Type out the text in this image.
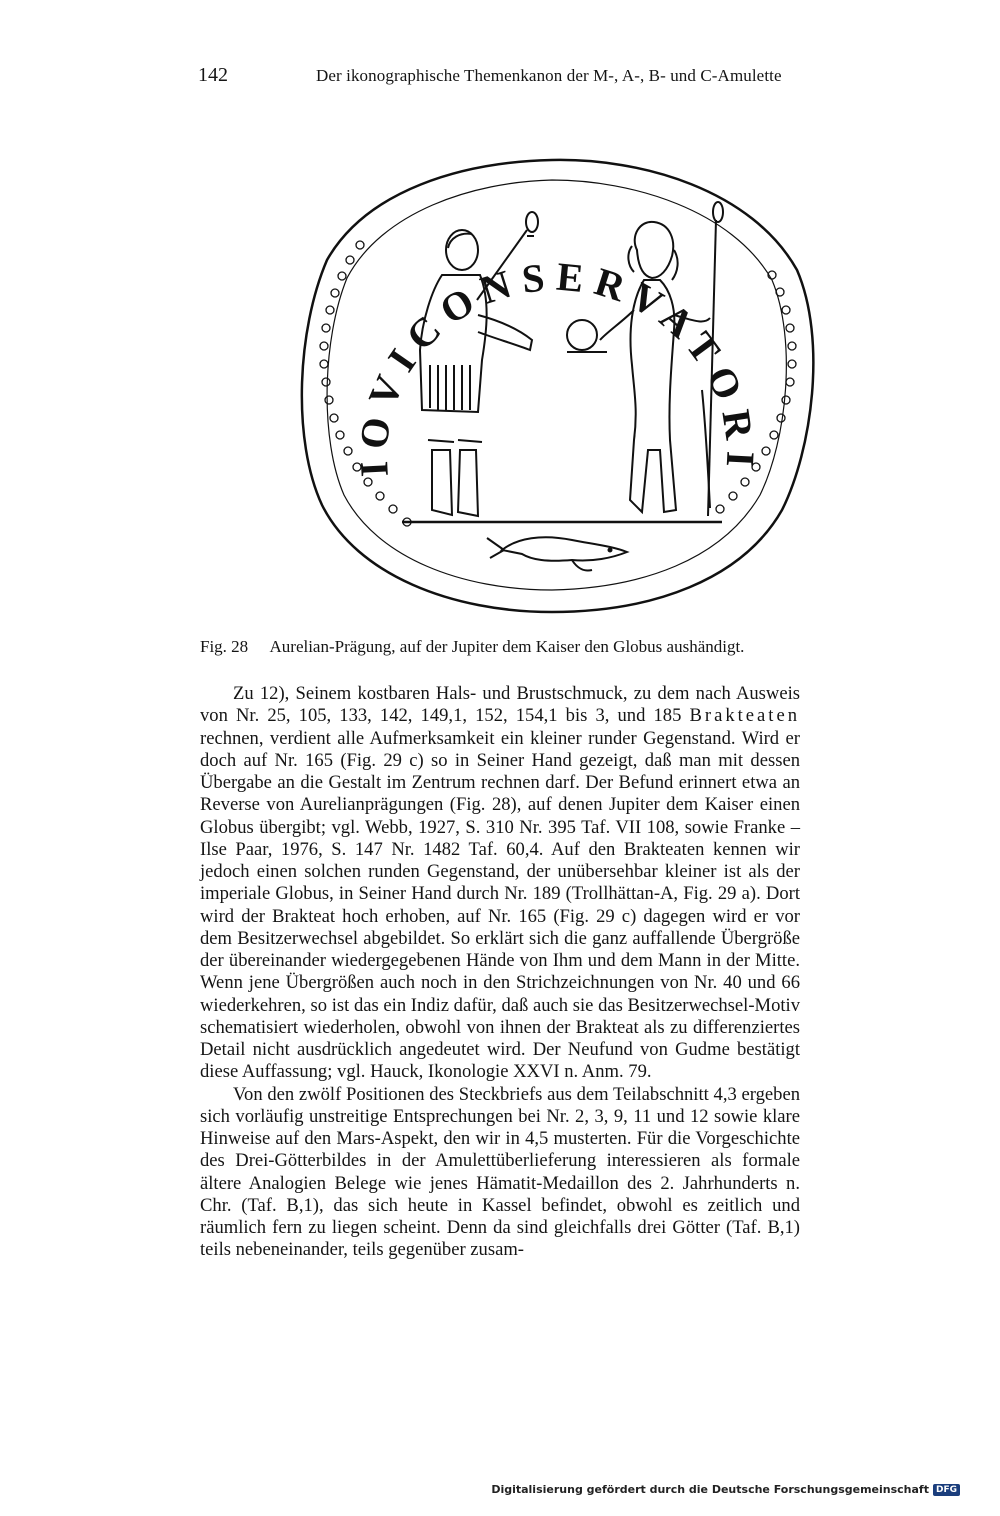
142	Der ikonographische Themenkanon der M-, A-, B- und C-Amulette
IOVICONSERVATORI
Fig. 28 Aurelian-Prägung, auf der Jupiter dem Kaiser den Globus aushändigt.

Zu 12), Seinem kostbaren Hals- und Brustschmuck, zu dem nach Ausweis von Nr. 25, 105, 133, 142, 149,1, 152, 154,1 bis 3, und 185 Brakteaten rechnen, verdient alle Aufmerksamkeit ein kleiner runder Gegenstand. Wird er doch auf Nr. 165 (Fig. 29 c) so in Seiner Hand gezeigt, daß man mit dessen Übergabe an die Gestalt im Zentrum rechnen darf. Der Befund erinnert etwa an Reverse von Aurelianprägungen (Fig. 28), auf denen Jupiter dem Kaiser einen Globus übergibt; vgl. Webb, 1927, S. 310 Nr. 395 Taf. VII 108, sowie Franke – Ilse Paar, 1976, S. 147 Nr. 1482 Taf. 60,4. Auf den Brakteaten kennen wir jedoch einen solchen runden Gegenstand, der unübersehbar kleiner ist als der imperiale Globus, in Seiner Hand durch Nr. 189 (Trollhättan-A, Fig. 29 a). Dort wird der Brakteat hoch erhoben, auf Nr. 165 (Fig. 29 c) dagegen wird er vor dem Besitzerwechsel abgebildet. So erklärt sich die ganz auffallende Übergröße der übereinander wiedergegebenen Hände von Ihm und dem Mann in der Mitte. Wenn jene Übergrößen auch noch in den Strichzeichnungen von Nr. 40 und 66 wiederkehren, so ist das ein Indiz dafür, daß auch sie das Besitzerwechsel-Motiv schematisiert wiederholen, obwohl von ihnen der Brakteat als zu differenziertes Detail nicht ausdrücklich angedeutet wird. Der Neufund von Gudme bestätigt diese Auffassung; vgl. Hauck, Ikonologie XXVI n. Anm. 79.

Von den zwölf Positionen des Steckbriefs aus dem Teilabschnitt 4,3 ergeben sich vorläufig unstreitige Entsprechungen bei Nr. 2, 3, 9, 11 und 12 sowie klare Hinweise auf den Mars-Aspekt, den wir in 4,5 musterten. Für die Vorgeschichte des Drei-Götterbildes in der Amulettüberlieferung interessieren als formale ältere Analogien Belege wie jenes Hämatit-Medaillon des 2. Jahrhunderts n. Chr. (Taf. B,1), das sich heute in Kassel befindet, obwohl es zeitlich und räumlich fern zu liegen scheint. Denn da sind gleichfalls drei Götter (Taf. B,1) teils nebeneinander, teils gegenüber zusam-

Digitalisierung gefördert durch die Deutsche Forschungsgemeinschaft DFG
